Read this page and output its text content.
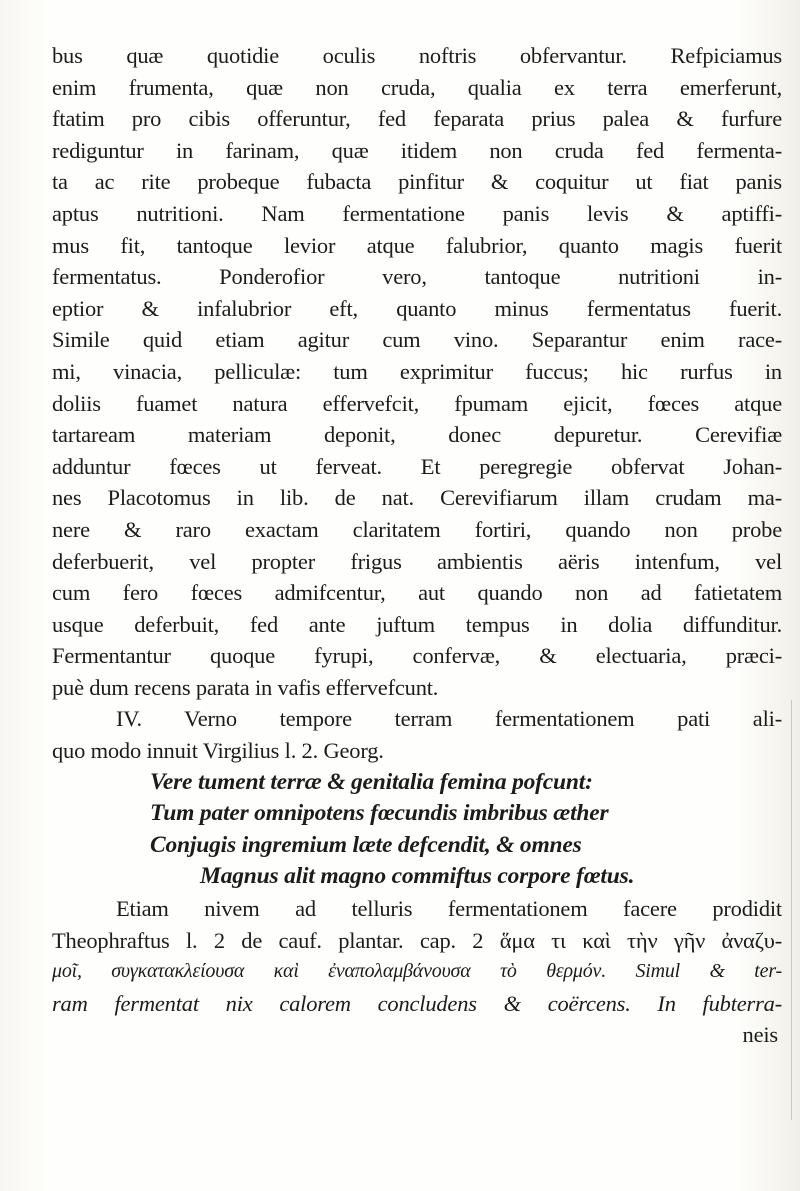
bus quæ quotidie oculis noftris obfervantur. Refpiciamus
enim frumenta, quæ non cruda, qualia ex terra emerferunt,
ftatim pro cibis offeruntur, fed feparata prius palea & furfure
rediguntur in farinam, quæ itidem non cruda fed fermenta-
ta ac rite probeque fubacta pinfitur & coquitur ut fiat panis
aptus nutritioni. Nam fermentatione panis levis & aptiffi-
mus fit, tantoque levior atque falubrior, quanto magis fuerit
fermentatus. Ponderofior vero, tantoque nutritioni in-
eptior & infalubrior eft, quanto minus fermentatus fuerit.
Simile quid etiam agitur cum vino. Separantur enim race-
mi, vinacia, pelliculæ: tum exprimitur fuccus; hic rurfus in
doliis fuamet natura effervefcit, fpumam ejicit, fœces atque
tartaream materiam deponit, donec depuretur. Cerevifiæ
adduntur fœces ut ferveat. Et peregregie obfervat Johan-
nes Placotomus in lib. de nat. Cerevifiarum illam crudam ma-
nere & raro exactam claritatem fortiri, quando non probe
deferbuerit, vel propter frigus ambientis aëris intenfum, vel
cum fero fœces admifcentur, aut quando non ad fatietatem
usque deferbuit, fed ante juftum tempus in dolia diffunditur.
Fermentantur quoque fyrupi, confervæ, & electuaria, præci-
puè dum recens parata in vafis effervefcunt.
IV. Verno tempore terram fermentationem pati ali-
quo modo innuit Virgilius l. 2. Georg.
Vere tument terræ & genitalia femina pofcunt:
Tum pater omnipotens fœcundis imbribus æther
Conjugis ingremium læte defcendit, & omnes
Magnus alit magno commiftus corpore fœtus.
Etiam nivem ad telluris fermentationem facere prodidit
Theophraftus l. 2 de cauf. plantar. cap. 2 ἅμα τι καὶ τὴν γῆν ἀναζυ-
μοῖ, συγκατακλείουσα καὶ ἐναπολαμβάνουσα τὸ θερμόν. Simul & ter-
ram fermentat nix calorem concludens & coërcens. In fubterra-
neis
